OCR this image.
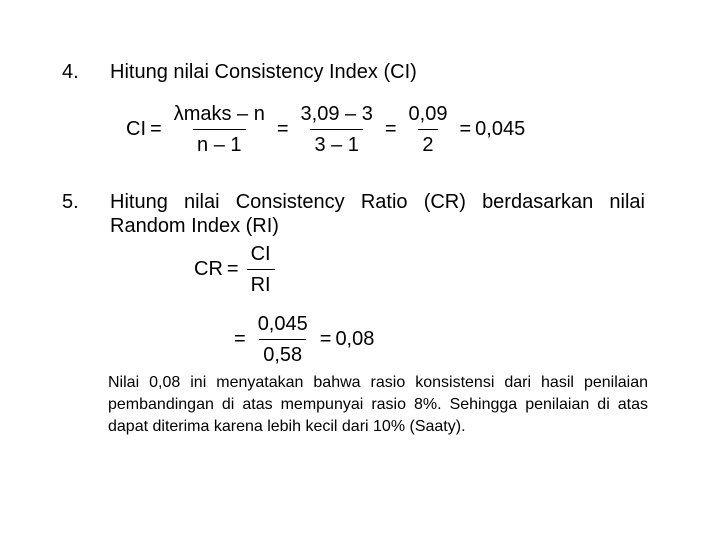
4. Hitung nilai Consistency Index (CI)
CI = $\frac{\text{λmaks – n}}{n - 1} = \frac{3,09 - 3}{3 - 1} = \frac{0,09}{2} = 0,045$
5. Hitung nilai Consistency Ratio (CR) berdasarkan nilai Random Index (RI)
CR = $\frac{CI}{RI}$
= $\frac{0,045}{0,58} = 0,08$
Nilai 0,08 ini menyatakan bahwa rasio konsistensi dari hasil penilaian pembandingan di atas mempunyai rasio 8%. Sehingga penilaian di atas dapat diterima karena lebih kecil dari 10% (Saaty).
